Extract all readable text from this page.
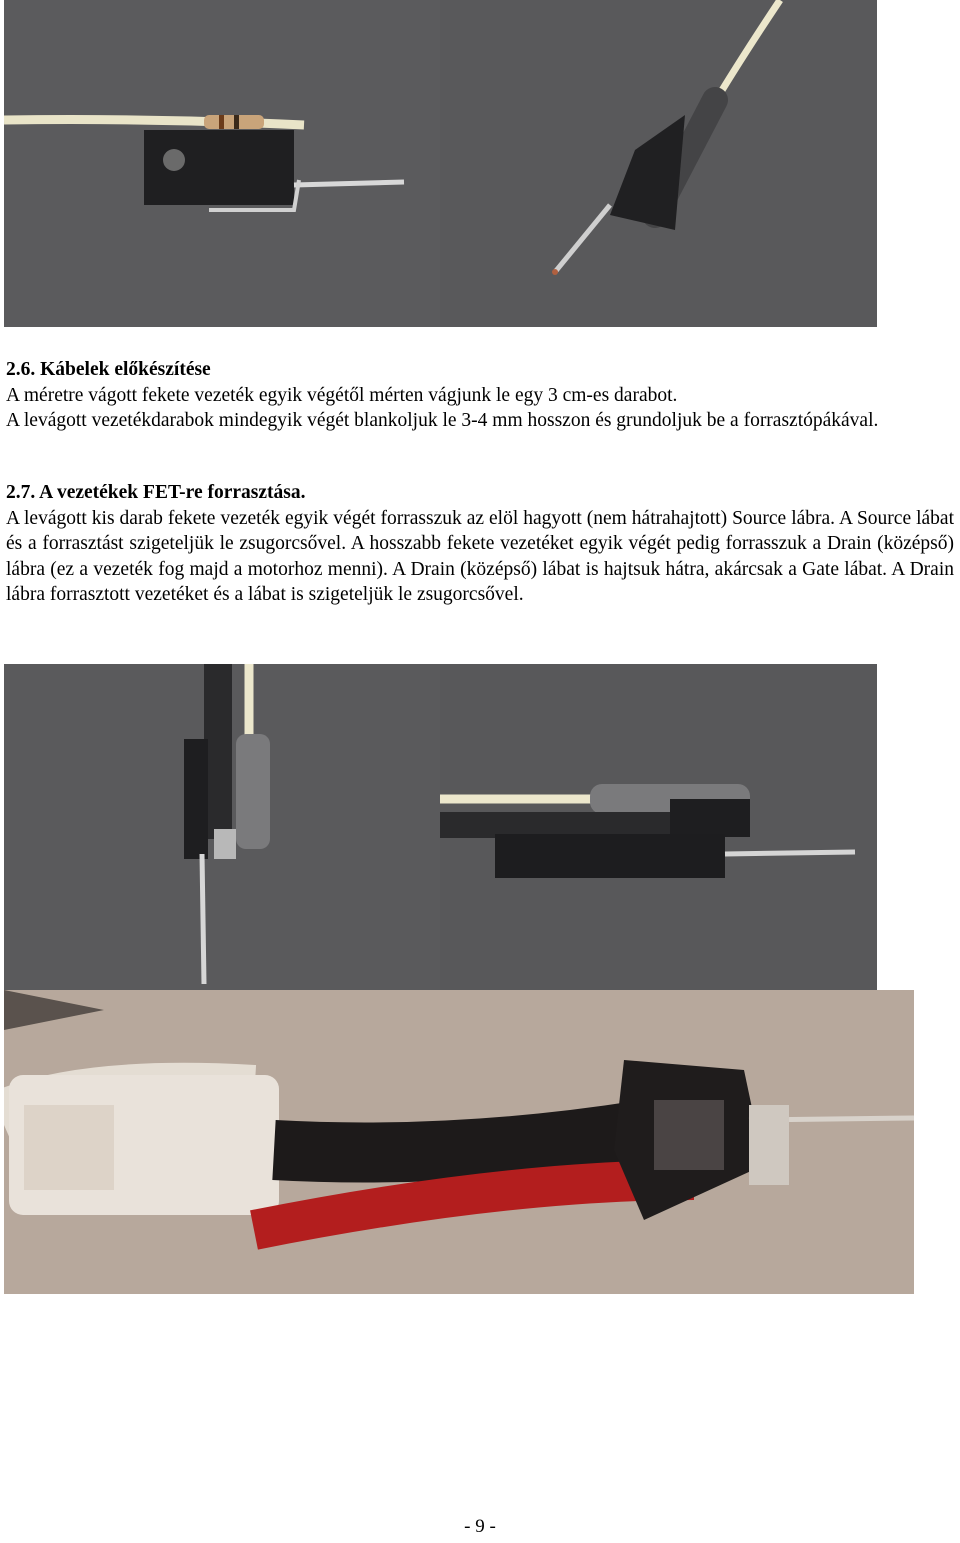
2.6. Kábelek előkészítése

A méretre vágott fekete vezeték egyik végétől mérten vágjunk le egy 3 cm-es darabot.

A levágott vezetékdarabok mindegyik végét blankoljuk le 3-4 mm hosszon és grundoljuk be a forrasztópákával.

2.7. A vezetékek FET-re forrasztása.

A levágott kis darab fekete vezeték egyik végét forrasszuk az elöl hagyott (nem hátrahajtott) Source lábra. A Source lábat és a forrasztást szigeteljük le zsugorcsővel. A hosszabb fekete vezetéket egyik végét pedig forrasszuk a Drain (középső) lábra (ez a vezeték fog majd a motorhoz menni). A Drain (középső) lábat is hajtsuk hátra, akárcsak a Gate lábat. A Drain lábra forrasztott vezetéket és a lábat is szigeteljük le zsugorcsővel.

- 9 -
